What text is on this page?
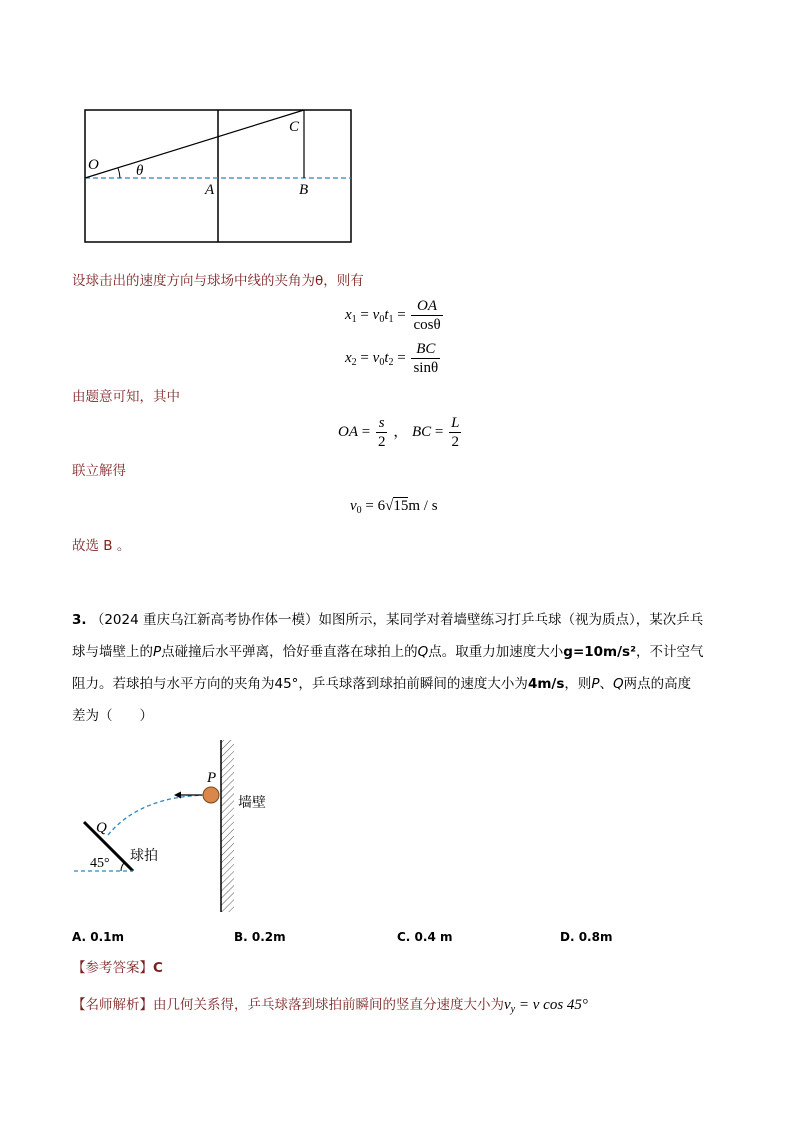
O θ
A	B
C
设球击出的速度方向与球场中线的夹角为θ，则有
$x_1 = v_0t_1 = \frac{OA}{\cos\theta}$
$x_2 = v_0t_2 = \frac{BC}{\sin\theta}$
由题意可知，其中
OA = $\frac{s}{2}$ ， BC = $\frac{L}{2}$
联立解得
$v_0 = 6√15m / s$
故选 B 。
3. （2024 重庆乌江新高考协作体一模）如图所示，某同学对着墙壁练习打乒乓球（视为质点），某次乒乓
球与墙壁上的P点碰撞后水平弹离，恰好垂直落在球拍上的Q点。取重力加速度大小g=10m/s²，不计空气
阻力。若球拍与水平方向的夹角为45°，乒乓球落到球拍前瞬间的速度大小为4m/s，则P、Q两点的高度
差为（　　）
P
Q
墙壁
球拍
45°
A. 0.1m	B. 0.2m	C. 0.4 m	D. 0.8m
【参考答案】C
【名师解析】由几何关系得，乒乓球落到球拍前瞬间的竖直分速度大小为$v_y = v$ cos 45°
